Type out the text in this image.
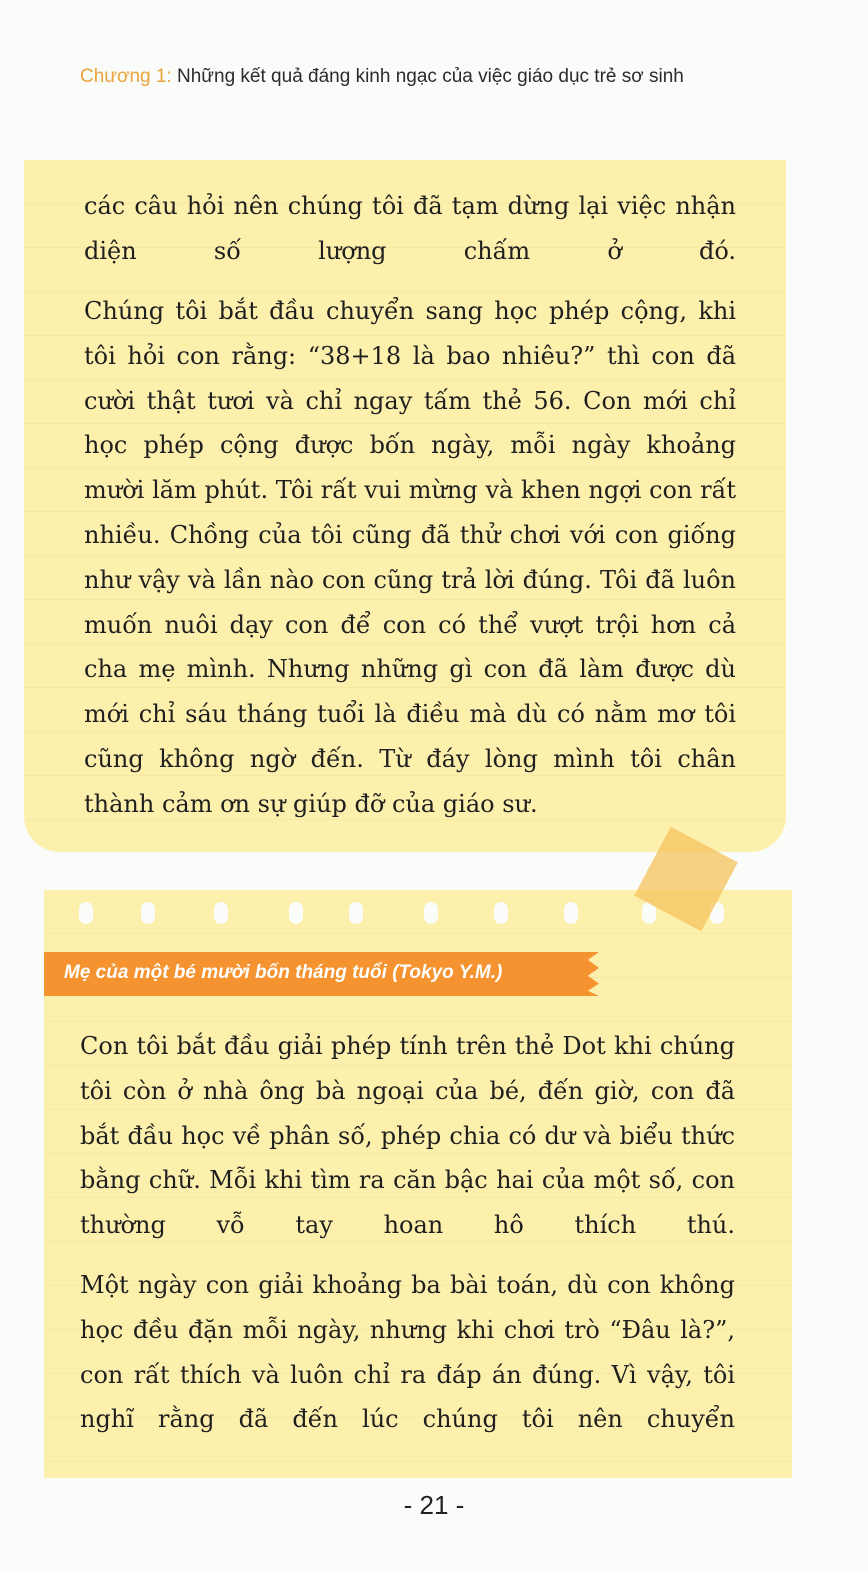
Chương 1: Những kết quả đáng kinh ngạc của việc giáo dục trẻ sơ sinh

các câu hỏi nên chúng tôi đã tạm dừng lại việc nhận diện số lượng chấm ở đó.

Chúng tôi bắt đầu chuyển sang học phép cộng, khi tôi hỏi con rằng: “38+18 là bao nhiêu?” thì con đã cười thật tươi và chỉ ngay tấm thẻ 56. Con mới chỉ học phép cộng được bốn ngày, mỗi ngày khoảng mười lăm phút. Tôi rất vui mừng và khen ngợi con rất nhiều. Chồng của tôi cũng đã thử chơi với con giống như vậy và lần nào con cũng trả lời đúng. Tôi đã luôn muốn nuôi dạy con để con có thể vượt trội hơn cả cha mẹ mình. Nhưng những gì con đã làm được dù mới chỉ sáu tháng tuổi là điều mà dù có nằm mơ tôi cũng không ngờ đến. Từ đáy lòng mình tôi chân thành cảm ơn sự giúp đỡ của giáo sư.

Mẹ của một bé mười bốn tháng tuổi (Tokyo Y.M.)

Con tôi bắt đầu giải phép tính trên thẻ Dot khi chúng tôi còn ở nhà ông bà ngoại của bé, đến giờ, con đã bắt đầu học về phân số, phép chia có dư và biểu thức bằng chữ. Mỗi khi tìm ra căn bậc hai của một số, con thường vỗ tay hoan hô thích thú.

Một ngày con giải khoảng ba bài toán, dù con không học đều đặn mỗi ngày, nhưng khi chơi trò “Đâu là?”, con rất thích và luôn chỉ ra đáp án đúng. Vì vậy, tôi nghĩ rằng đã đến lúc chúng tôi nên chuyển

- 21 -
